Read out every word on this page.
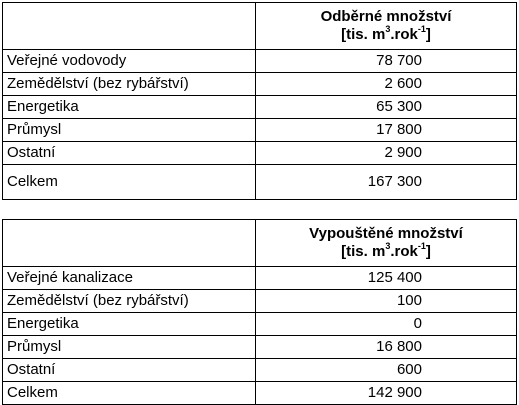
	Odběrné množství
[tis. $m^3.rok^{-1}$]

Veřejné vodovody	78 700
Zemědělství (bez rybářství)	2 600
Energetika	65 300
Průmysl	17 800
Ostatní	2 900
Celkem	167 300
	Vypouštěné množství
[tis. $m^3.rok^{-1}$]

Veřejné kanalizace	125 400
Zemědělství (bez rybářství)	100
Energetika	0
Průmysl	16 800
Ostatní	600
Celkem	142 900
